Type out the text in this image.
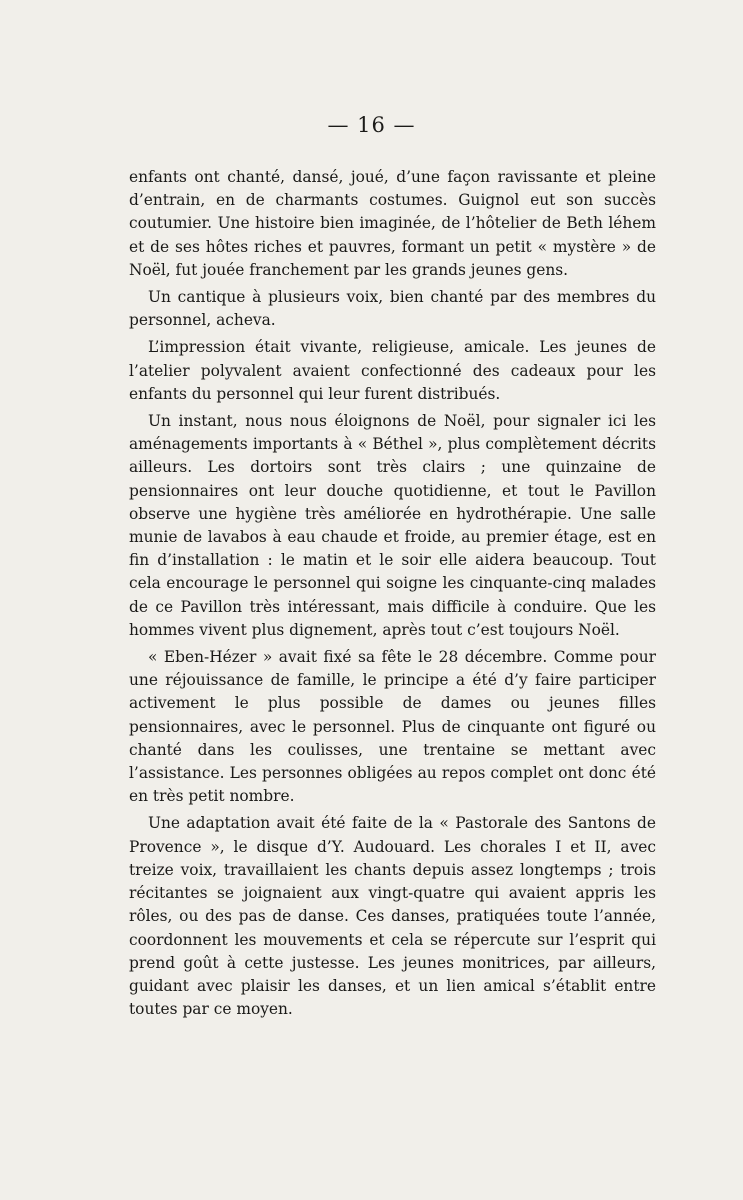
— 16 —

enfants ont chanté, dansé, joué, d’une façon ravissante et pleine d’entrain, en de charmants costumes. Guignol eut son succès coutumier. Une histoire bien imaginée, de l’hôtelier de Beth léhem et de ses hôtes riches et pauvres, formant un petit « mystère » de Noël, fut jouée franchement par les grands jeunes gens.

Un cantique à plusieurs voix, bien chanté par des membres du personnel, acheva.

L’impression était vivante, religieuse, amicale. Les jeunes de l’atelier polyvalent avaient confectionné des cadeaux pour les enfants du personnel qui leur furent distribués.

Un instant, nous nous éloignons de Noël, pour signaler ici les aménagements importants à « Béthel », plus complètement décrits ailleurs. Les dortoirs sont très clairs ; une quinzaine de pensionnaires ont leur douche quotidienne, et tout le Pavillon observe une hygiène très améliorée en hydrothérapie. Une salle munie de lavabos à eau chaude et froide, au premier étage, est en fin d’installation : le matin et le soir elle aidera beaucoup. Tout cela encourage le personnel qui soigne les cinquante-cinq malades de ce Pavillon très intéressant, mais difficile à conduire. Que les hommes vivent plus dignement, après tout c’est toujours Noël.

« Eben-Hézer » avait fixé sa fête le 28 décembre. Comme pour une réjouissance de famille, le principe a été d’y faire participer activement le plus possible de dames ou jeunes filles pensionnaires, avec le personnel. Plus de cinquante ont figuré ou chanté dans les coulisses, une trentaine se mettant avec l’assistance. Les personnes obligées au repos complet ont donc été en très petit nombre.

Une adaptation avait été faite de la « Pastorale des Santons de Provence », le disque d’Y. Audouard. Les chorales I et II, avec treize voix, travaillaient les chants depuis assez longtemps ; trois récitantes se joignaient aux vingt-quatre qui avaient appris les rôles, ou des pas de danse. Ces danses, pratiquées toute l’année, coordonnent les mouvements et cela se répercute sur l’esprit qui prend goût à cette justesse. Les jeunes monitrices, par ailleurs, guidant avec plaisir les danses, et un lien amical s’établit entre toutes par ce moyen.
